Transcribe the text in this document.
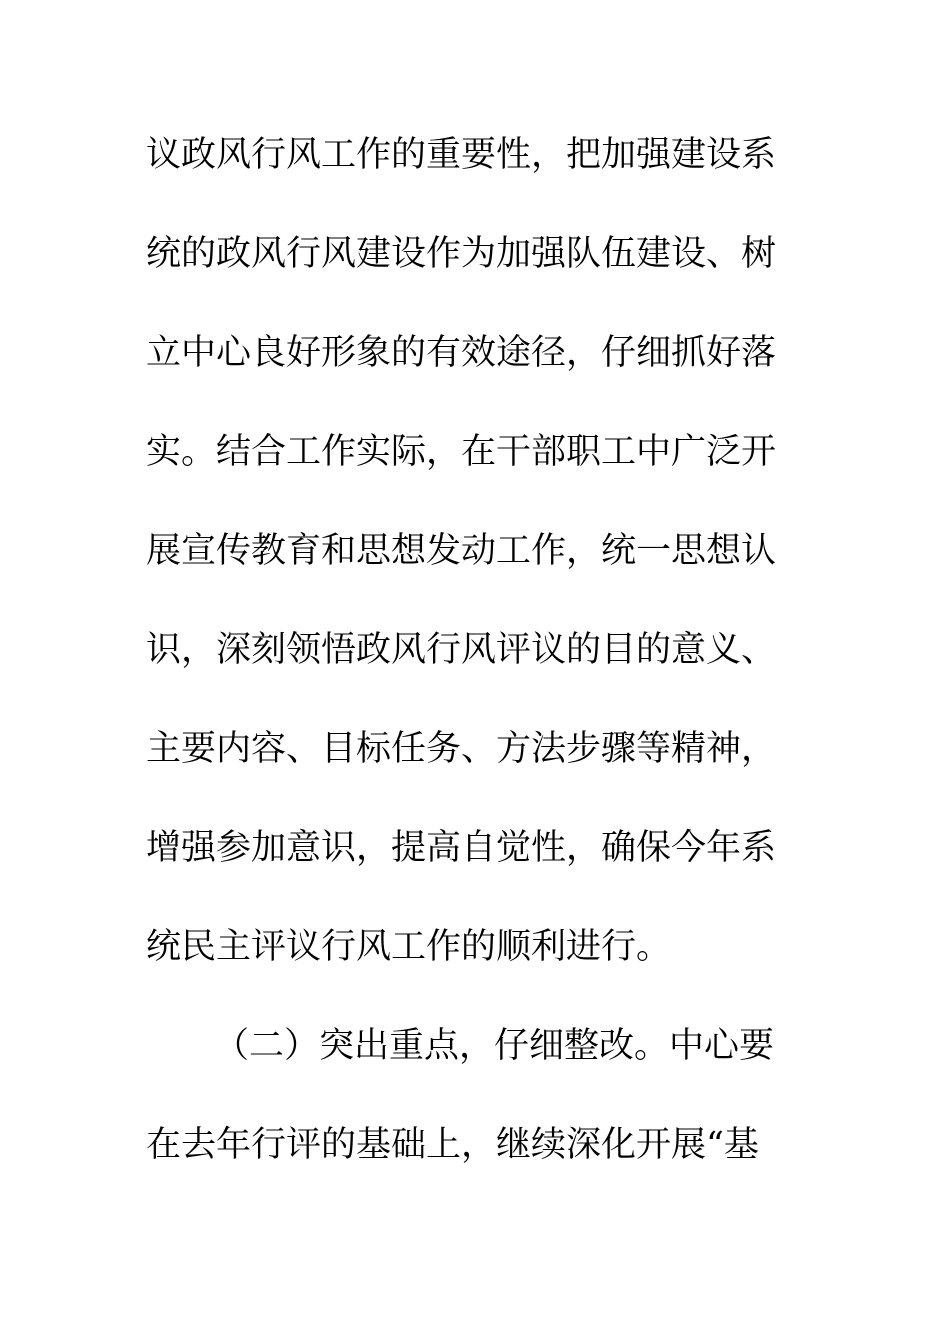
议政风行风工作的重要性，把加强建设系
统的政风行风建设作为加强队伍建设、树
立中心良好形象的有效途径，仔细抓好落
实。结合工作实际，在干部职工中广泛开
展宣传教育和思想发动工作，统一思想认
识，深刻领悟政风行风评议的目的意义、
主要内容、目标任务、方法步骤等精神，
增强参加意识，提高自觉性，确保今年系
统民主评议行风工作的顺利进行。
（二）突出重点，仔细整改。中心要
在去年行评的基础上，继续深化开展“基
